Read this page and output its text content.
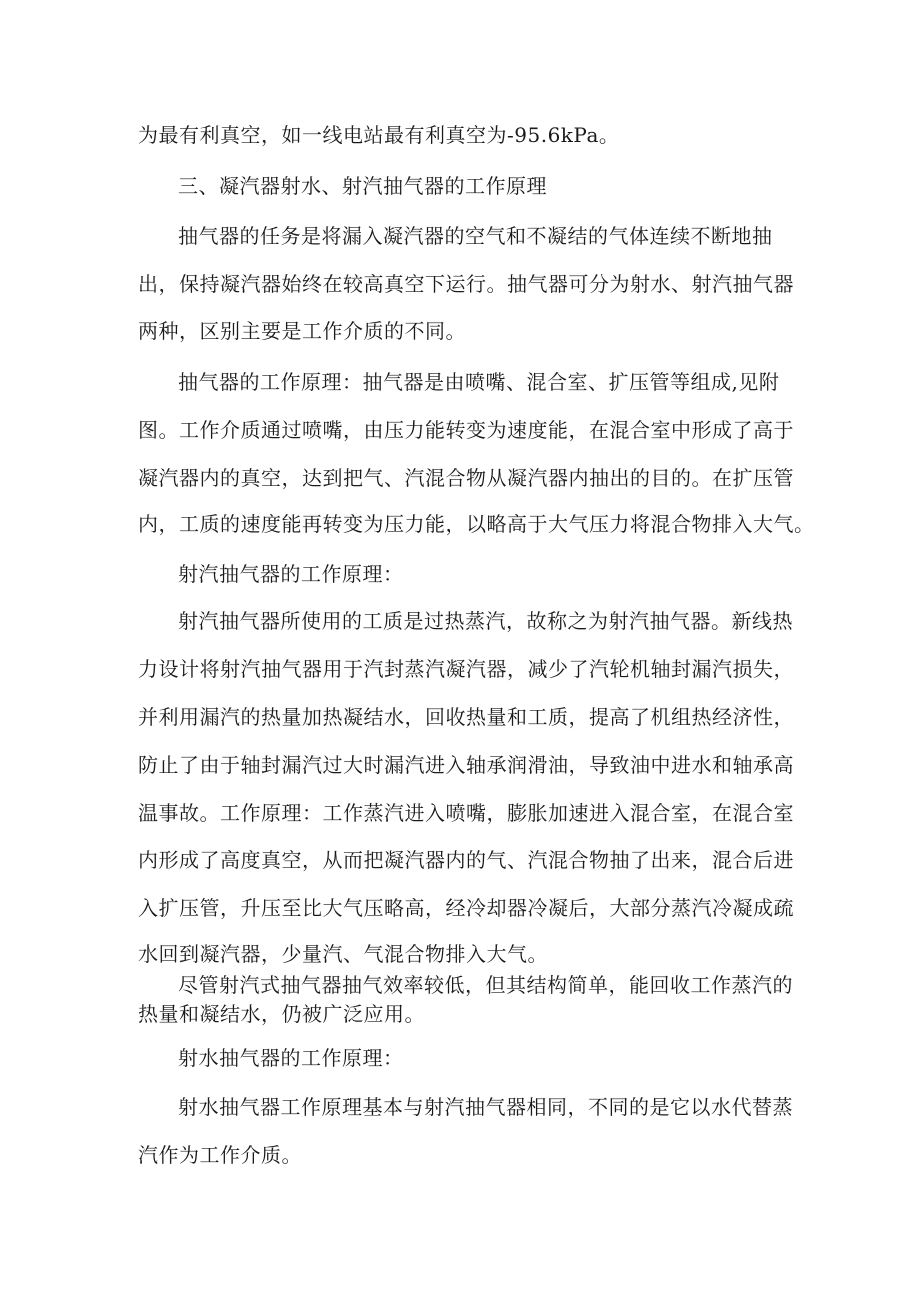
为最有利真空，如一线电站最有利真空为-95.6kPa。
三、凝汽器射水、射汽抽气器的工作原理
抽气器的任务是将漏入凝汽器的空气和不凝结的气体连续不断地抽
出，保持凝汽器始终在较高真空下运行。抽气器可分为射水、射汽抽气器
两种，区别主要是工作介质的不同。
抽气器的工作原理：抽气器是由喷嘴、混合室、扩压管等组成,见附
图。工作介质通过喷嘴，由压力能转变为速度能，在混合室中形成了高于
凝汽器内的真空，达到把气、汽混合物从凝汽器内抽出的目的。在扩压管
内，工质的速度能再转变为压力能，以略高于大气压力将混合物排入大气。
射汽抽气器的工作原理：
射汽抽气器所使用的工质是过热蒸汽，故称之为射汽抽气器。新线热
力设计将射汽抽气器用于汽封蒸汽凝汽器，减少了汽轮机轴封漏汽损失，
并利用漏汽的热量加热凝结水，回收热量和工质，提高了机组热经济性，
防止了由于轴封漏汽过大时漏汽进入轴承润滑油，导致油中进水和轴承高
温事故。工作原理：工作蒸汽进入喷嘴，膨胀加速进入混合室，在混合室
内形成了高度真空，从而把凝汽器内的气、汽混合物抽了出来，混合后进
入扩压管，升压至比大气压略高，经冷却器冷凝后，大部分蒸汽冷凝成疏
水回到凝汽器，少量汽、气混合物排入大气。
尽管射汽式抽气器抽气效率较低，但其结构简单，能回收工作蒸汽的
热量和凝结水，仍被广泛应用。
射水抽气器的工作原理：
射水抽气器工作原理基本与射汽抽气器相同，不同的是它以水代替蒸
汽作为工作介质。
